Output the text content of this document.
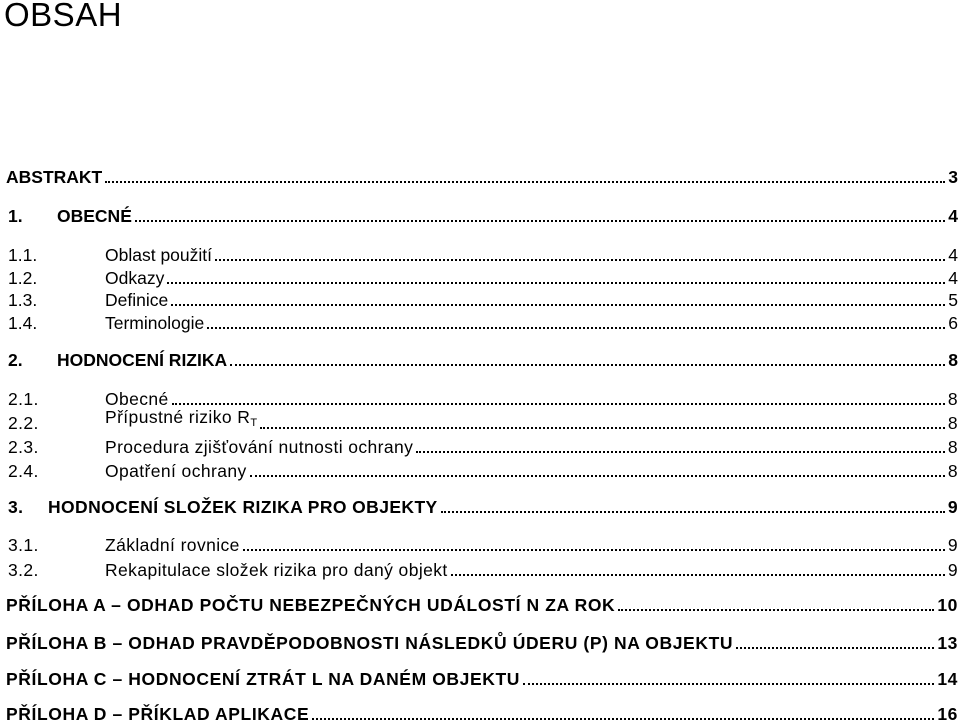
OBSAH
ABSTRAKT	3
1.	OBECNÉ	4
1.1.	Oblast použití	4
1.2.	Odkazy	4
1.3.	Definice	5
1.4.	Terminologie	6
2.	HODNOCENÍ RIZIKA	8
2.1.	Obecné	8
2.2.	Přípustné riziko $R_T$	8
2.3.	Procedura zjišťování nutnosti ochrany	8
2.4.	Opatření ochrany	8
3.	HODNOCENÍ SLOŽEK RIZIKA PRO OBJEKTY	9
3.1.	Základní rovnice	9
3.2.	Rekapitulace složek rizika pro daný objekt	9
PŘÍLOHA A – ODHAD POČTU NEBEZPEČNÝCH UDÁLOSTÍ N ZA ROK	10
PŘÍLOHA B – ODHAD PRAVDĚPODOBNOSTI NÁSLEDKŮ ÚDERU (P) NA OBJEKTU	13
PŘÍLOHA C – HODNOCENÍ ZTRÁT L NA DANÉM OBJEKTU	14
PŘÍLOHA D – PŘÍKLAD APLIKACE	16
